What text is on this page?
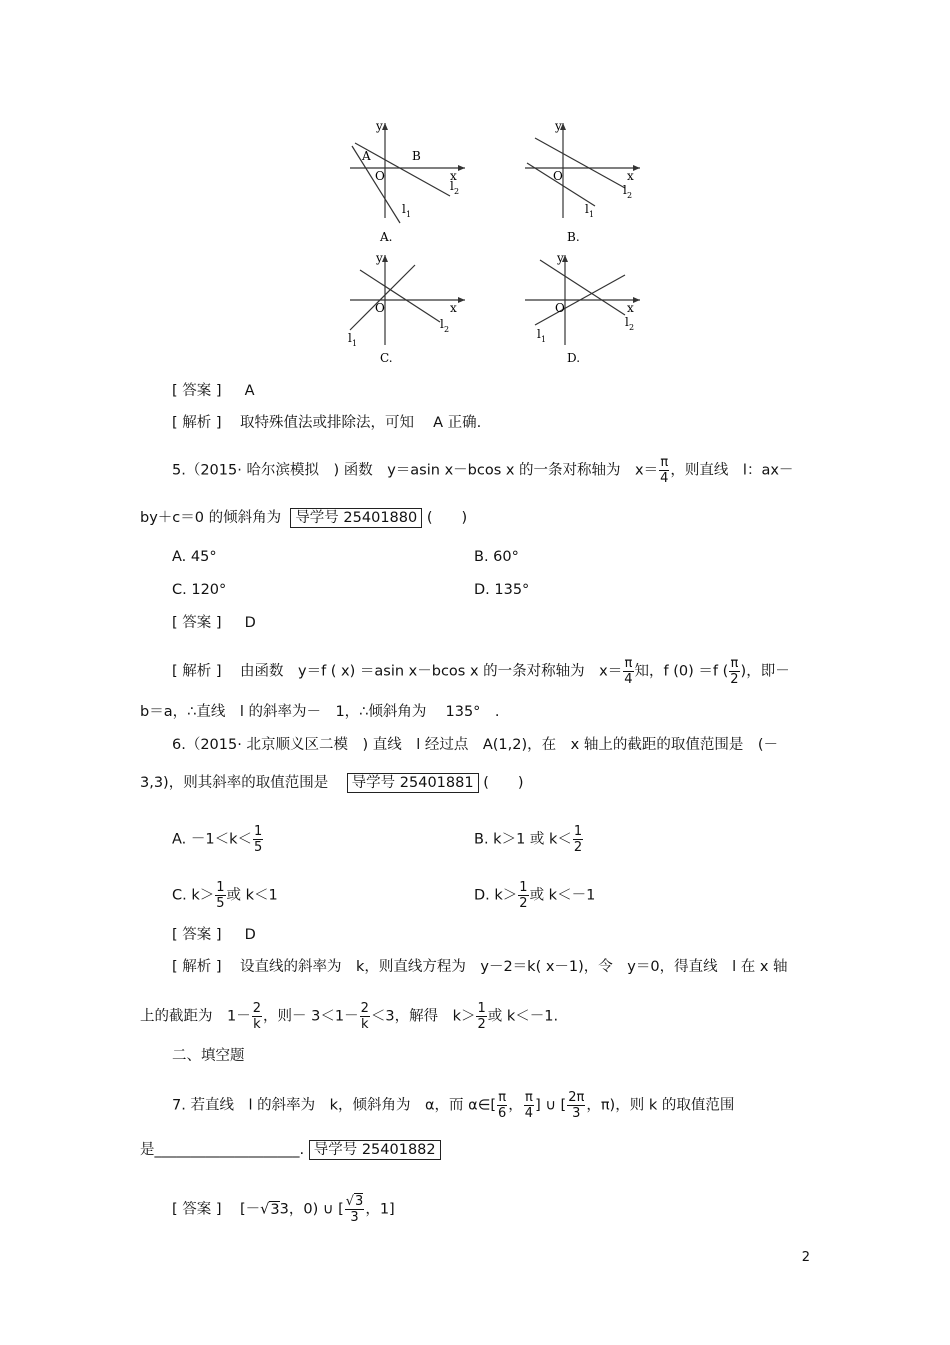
y
x
O
A	B
l 1
l 2
A.
y
x
O
l 1
l 2
B.
y
x
O
l 1
l 2
C.
y
x
O
l 1
l 2
D.
[ 答案 ] A
[ 解析 ] 取特殊值法或排除法，可知　 A 正确.
5.（2015· 哈尔滨模拟　) 函数　y＝asin x－bcos x 的一条对称轴为　$x= \frac{\pi}{4}$ ，则直线　l：ax－
by＋c＝0 的倾斜角为 导学号 25401880 (　　)
A. 45°	B. 60°
C. 120°	D. 135°
[ 答案 ] D
[ 解析 ] 由函数　y＝f ( x) ＝asin x－bcos x 的一条对称轴为　$x= \frac{\pi}{4}$ 知，f (0) ＝f ( $\frac{\pi}{2}$ )，即－
b＝a，∴直线　l 的斜率为－　1，∴倾斜角为　 135°　.
6.（2015· 北京顺义区二模　) 直线　l 经过点　A(1,2)，在　x 轴上的截距的取值范围是　(－
3,3)，则其斜率的取值范围是 导学号 25401881 (　　)
A. $-1<k< \frac{1}{5}$	B. k＞1 或 $k< \frac{1}{2}$
C. $k> \frac{1}{5}$ 或 k＜1	D. $k> \frac{1}{2}$ 或 k＜－1
[ 答案 ] D
[ 解析 ] 设直线的斜率为　k，则直线方程为　y－2＝k( x－1)，令　y＝0，得直线　l 在 x 轴
上的截距为　$1- \frac{2}{k}$ ，则－ $3<1- \frac{2}{k} <3$，解得　$k> \frac{1}{2}$ 或 k＜－1.
二、填空题
7. 若直线　l 的斜率为　k，倾斜角为　α，而 α∈[ $\frac{\pi}{6}$ ， $\frac{\pi}{4}$ ] ∪ [ $\frac{2\pi}{3}$ ，π)，则 k 的取值范围
是____________________. 导学号 25401882
[ 答案 ] [－√33，0) ∪ [ $\frac{√3}{3}$ ，1]
2
